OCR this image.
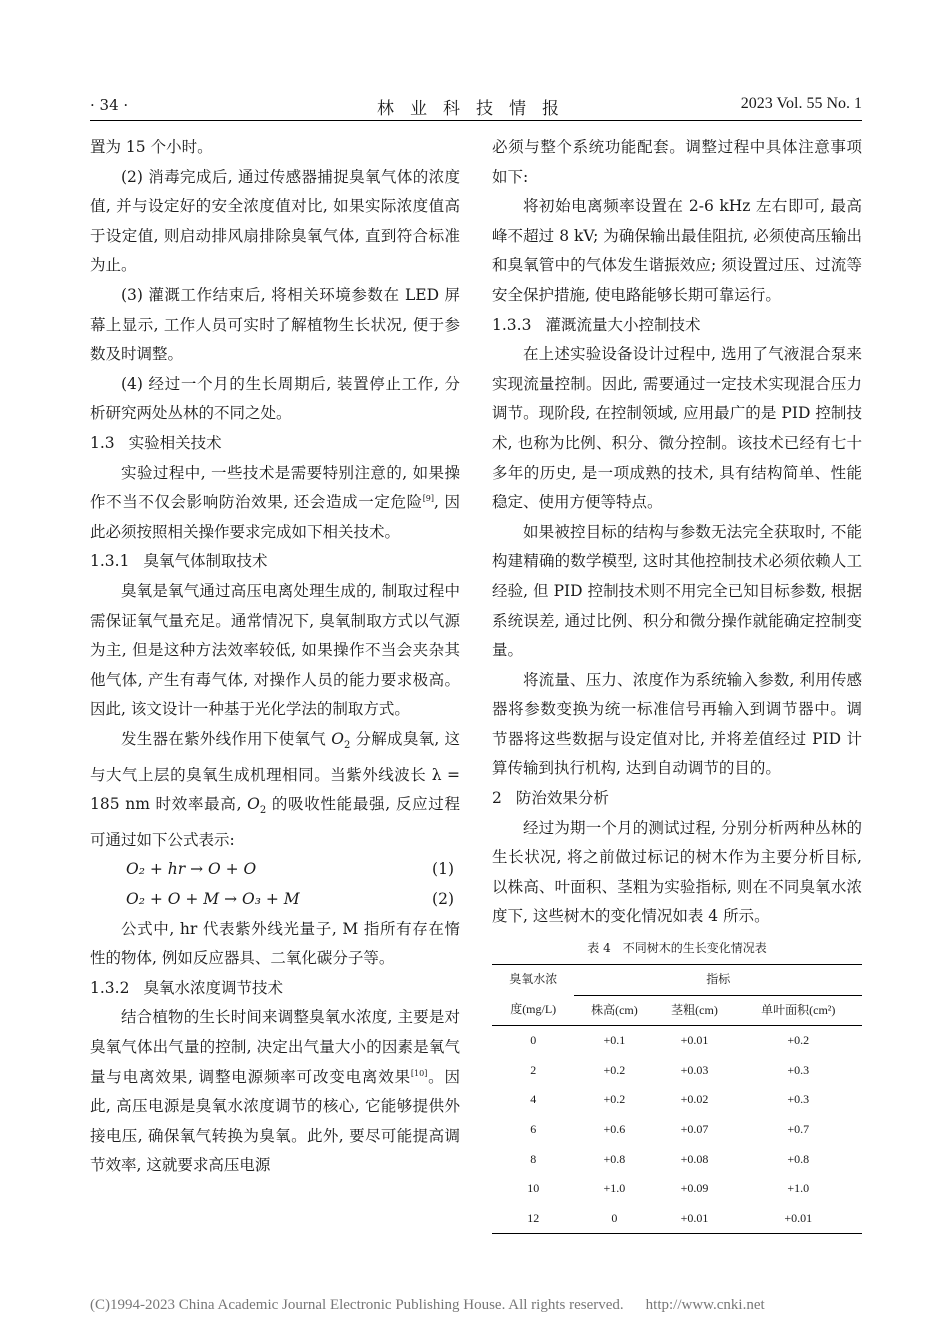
· 34 ·	林业科技情报	2023 Vol. 55 No. 1

置为 15 个小时。

(2) 消毒完成后, 通过传感器捕捉臭氧气体的浓度值, 并与设定好的安全浓度值对比, 如果实际浓度值高于设定值, 则启动排风扇排除臭氧气体, 直到符合标准为止。

(3) 灌溉工作结束后, 将相关环境参数在 LED 屏幕上显示, 工作人员可实时了解植物生长状况, 便于参数及时调整。

(4) 经过一个月的生长周期后, 装置停止工作, 分析研究两处丛林的不同之处。

1.3 实验相关技术

实验过程中, 一些技术是需要特别注意的, 如果操作不当不仅会影响防治效果, 还会造成一定危险[9], 因此必须按照相关操作要求完成如下相关技术。

1.3.1 臭氧气体制取技术

臭氧是氧气通过高压电离处理生成的, 制取过程中需保证氧气量充足。通常情况下, 臭氧制取方式以气源为主, 但是这种方法效率较低, 如果操作不当会夹杂其他气体, 产生有毒气体, 对操作人员的能力要求极高。因此, 该文设计一种基于光化学法的制取方式。

发生器在紫外线作用下使氧气 $O_2$ 分解成臭氧, 这与大气上层的臭氧生成机理相同。当紫外线波长 λ = 185 nm 时效率最高, $O_2$ 的吸收性能最强, 反应过程可通过如下公式表示:

O₂ + hr → O + O	(1)
O₂ + O + M → O₃ + M	(2)

公式中, hr 代表紫外线光量子, M 指所有存在惰性的物体, 例如反应器具、二氧化碳分子等。

1.3.2 臭氧水浓度调节技术

结合植物的生长时间来调整臭氧水浓度, 主要是对臭氧气体出气量的控制, 决定出气量大小的因素是氧气量与电离效果, 调整电源频率可改变电离效果[10]。因此, 高压电源是臭氧水浓度调节的核心, 它能够提供外接电压, 确保氧气转换为臭氧。此外, 要尽可能提高调节效率, 这就要求高压电源

必须与整个系统功能配套。调整过程中具体注意事项如下:

将初始电离频率设置在 2-6 kHz 左右即可, 最高峰不超过 8 kV; 为确保输出最佳阻抗, 必须使高压输出和臭氧管中的气体发生谐振效应; 须设置过压、过流等安全保护措施, 使电路能够长期可靠运行。

1.3.3 灌溉流量大小控制技术

在上述实验设备设计过程中, 选用了气液混合泵来实现流量控制。因此, 需要通过一定技术实现混合压力调节。现阶段, 在控制领域, 应用最广的是 PID 控制技术, 也称为比例、积分、微分控制。该技术已经有七十多年的历史, 是一项成熟的技术, 具有结构简单、性能稳定、使用方便等特点。

如果被控目标的结构与参数无法完全获取时, 不能构建精确的数学模型, 这时其他控制技术必须依赖人工经验, 但 PID 控制技术则不用完全已知目标参数, 根据系统误差, 通过比例、积分和微分操作就能确定控制变量。

将流量、压力、浓度作为系统输入参数, 利用传感器将参数变换为统一标准信号再输入到调节器中。调节器将这些数据与设定值对比, 并将差值经过 PID 计算传输到执行机构, 达到自动调节的目的。

2 防治效果分析

经过为期一个月的测试过程, 分别分析两种丛林的生长状况, 将之前做过标记的树木作为主要分析目标, 以株高、叶面积、茎粗为实验指标, 则在不同臭氧水浓度下, 这些树木的变化情况如表 4 所示。

表 4　不同树木的生长变化情况表
臭氧水浓	指标		
度(mg/L)	株高(cm)	茎粗(cm)	单叶面积(cm²)
0	+0.1	+0.01	+0.2
2	+0.2	+0.03	+0.3
4	+0.2	+0.02	+0.3
6	+0.6	+0.07	+0.7
8	+0.8	+0.08	+0.8
10	+1.0	+0.09	+1.0
12	0	+0.01	+0.01
(C)1994-2023 China Academic Journal Electronic Publishing House. All rights reserved. http://www.cnki.net
